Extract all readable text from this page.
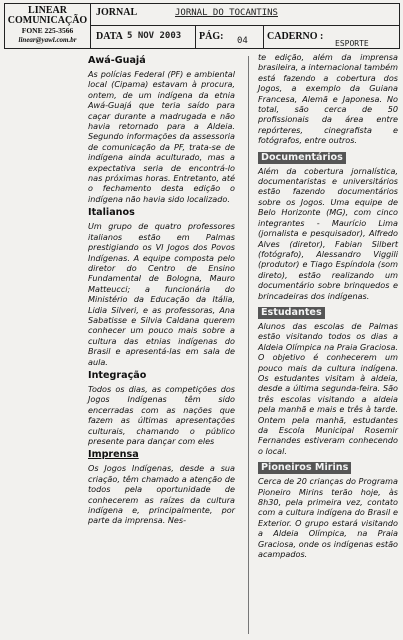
LINEAR
COMUNICAÇÃO
FONE 225-3566
linear@yawl.com.br
JORNAL	JORNAL DO TOCANTINS
DATA 5 NOV 2003 PÁG: 04 CADERNO :
ESPORTE
Awá-Guajá

As polícias Federal (PF) e ambiental local (Cipama) estavam à procura, ontem, de um indígena da etnia Awá-Guajá que teria saído para caçar durante a madrugada e não havia retornado para a Aldeia. Segundo informações da assessoria de comunicação da PF, trata-se de indígena ainda aculturado, mas a expectativa seria de encontrá-lo nas próximas horas. Entretanto, até o fechamento desta edição o indígena não havia sido localizado.

Italianos

Um grupo de quatro professores italianos estão em Palmas prestigiando os VI Jogos dos Povos Indígenas. A equipe composta pelo diretor do Centro de Ensino Fundamental de Bologna, Mauro Matteucci; a funcionária do Ministério da Educação da Itália, Lidia Silveri, e as professoras, Ana Sabatisse e Silvia Caldana querem conhecer um pouco mais sobre a cultura das etnias indígenas do Brasil e apresentá-las em sala de aula.

Integração

Todos os dias, as competições dos Jogos Indígenas têm sido encerradas com as nações que fazem as últimas apresentações culturais, chamando o público presente para dançar com eles

Imprensa

Os Jogos Indígenas, desde a sua criação, têm chamado a atenção de todos pela oportunidade de conhecerem as raízes da cultura indígena e, principalmente, por parte da imprensa. Nes-

te edição, além da imprensa brasileira, a internacional também está fazendo a cobertura dos Jogos, a exemplo da Guiana Francesa, Alemã e Japonesa. No total, são cerca de 50 profissionais da área entre repórteres, cinegrafista e fotógrafos, entre outros.

Documentários

Além da cobertura jornalística, documentaristas e universitários estão fazendo documentários sobre os Jogos. Uma equipe de Belo Horizonte (MG), com cinco integrantes - Maurício Lima (jornalista e pesquisador), Alfredo Alves (diretor), Fabian Silbert (fotógrafo), Alessandro Viggili (produtor) e Tiago Espíndola (som direto), estão realizando um documentário sobre brinquedos e brincadeiras dos indígenas.

Estudantes

Alunos das escolas de Palmas estão visitando todos os dias a Aldeia Olímpica na Praia Graciosa. O objetivo é conhecerem um pouco mais da cultura indígena. Os estudantes visitam à aldeia, desde a última segunda-feira. São três escolas visitando a aldeia pela manhã e mais e três à tarde. Ontem pela manhã, estudantes da Escola Municipal Rosemir Fernandes estiveram conhecendo o local.

Pioneiros Mirins

Cerca de 20 crianças do Programa Pioneiro Mirins terão hoje, às 8h30, pela primeira vez, contato com a cultura indígena do Brasil e Exterior. O grupo estará visitando a Aldeia Olímpica, na Praia Graciosa, onde os indígenas estão acampados.
